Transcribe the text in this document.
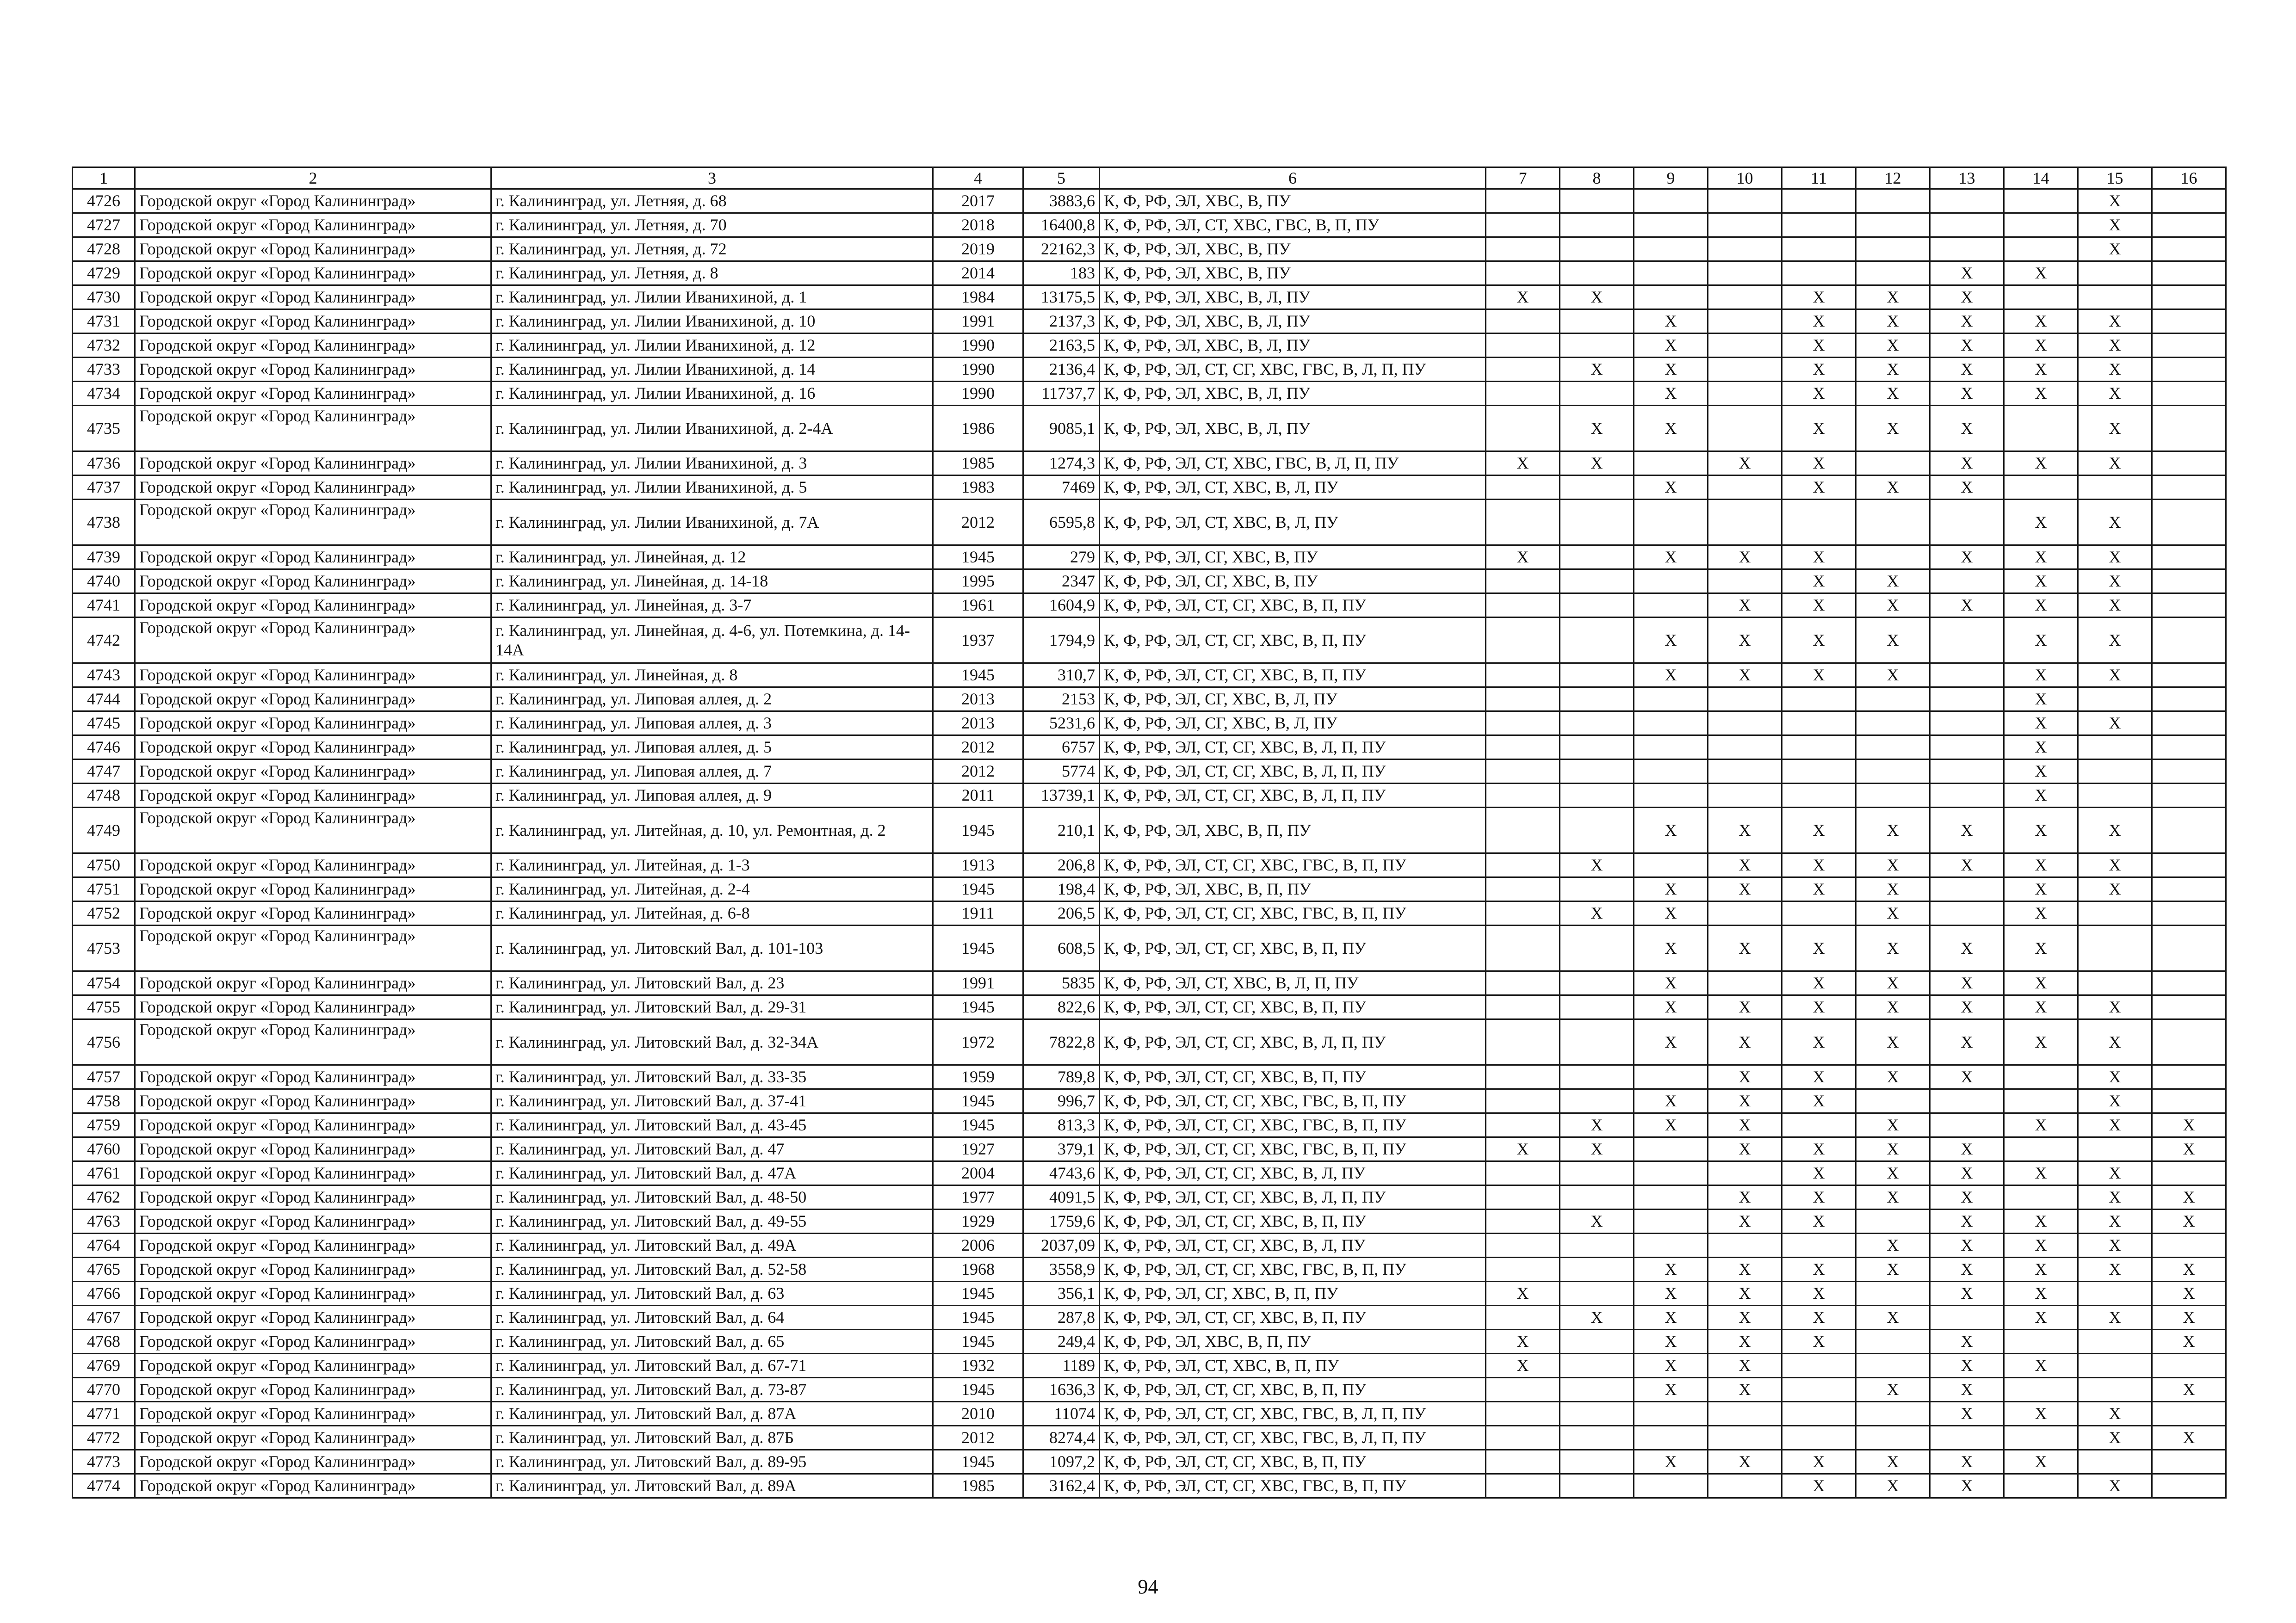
1	2	3	4	5	6	7	8	9	10	11	12	13	14	15	16
4726	Городской округ «Город Калининград»	г. Калининград, ул. Летняя, д. 68	2017	3883,6	К, Ф, РФ, ЭЛ, ХВС, В, ПУ									X	
4727	Городской округ «Город Калининград»	г. Калининград, ул. Летняя, д. 70	2018	16400,8	К, Ф, РФ, ЭЛ, СТ, ХВС, ГВС, В, П, ПУ									X	
4728	Городской округ «Город Калининград»	г. Калининград, ул. Летняя, д. 72	2019	22162,3	К, Ф, РФ, ЭЛ, ХВС, В, ПУ									X	
4729	Городской округ «Город Калининград»	г. Калининград, ул. Летняя, д. 8	2014	183	К, Ф, РФ, ЭЛ, ХВС, В, ПУ							X	X		
4730	Городской округ «Город Калининград»	г. Калининград, ул. Лилии Иванихиной, д. 1	1984	13175,5	К, Ф, РФ, ЭЛ, ХВС, В, Л, ПУ	X	X			X	X	X			
4731	Городской округ «Город Калининград»	г. Калининград, ул. Лилии Иванихиной, д. 10	1991	2137,3	К, Ф, РФ, ЭЛ, ХВС, В, Л, ПУ			X		X	X	X	X	X	
4732	Городской округ «Город Калининград»	г. Калининград, ул. Лилии Иванихиной, д. 12	1990	2163,5	К, Ф, РФ, ЭЛ, ХВС, В, Л, ПУ			X		X	X	X	X	X	
4733	Городской округ «Город Калининград»	г. Калининград, ул. Лилии Иванихиной, д. 14	1990	2136,4	К, Ф, РФ, ЭЛ, СТ, СГ, ХВС, ГВС, В, Л, П, ПУ		X	X		X	X	X	X	X	
4734	Городской округ «Город Калининград»	г. Калининград, ул. Лилии Иванихиной, д. 16	1990	11737,7	К, Ф, РФ, ЭЛ, ХВС, В, Л, ПУ			X		X	X	X	X	X	
4735	Городской округ «Город Калининград»	г. Калининград, ул. Лилии Иванихиной, д. 2-4А	1986	9085,1	К, Ф, РФ, ЭЛ, ХВС, В, Л, ПУ		X	X		X	X	X		X	
4736	Городской округ «Город Калининград»	г. Калининград, ул. Лилии Иванихиной, д. 3	1985	1274,3	К, Ф, РФ, ЭЛ, СТ, ХВС, ГВС, В, Л, П, ПУ	X	X		X	X		X	X	X	
4737	Городской округ «Город Калининград»	г. Калининград, ул. Лилии Иванихиной, д. 5	1983	7469	К, Ф, РФ, ЭЛ, СТ, ХВС, В, Л, ПУ			X		X	X	X			
4738	Городской округ «Город Калининград»	г. Калининград, ул. Лилии Иванихиной, д. 7А	2012	6595,8	К, Ф, РФ, ЭЛ, СТ, ХВС, В, Л, ПУ								X	X	
4739	Городской округ «Город Калининград»	г. Калининград, ул. Линейная, д. 12	1945	279	К, Ф, РФ, ЭЛ, СГ, ХВС, В, ПУ	X		X	X	X		X	X	X	
4740	Городской округ «Город Калининград»	г. Калининград, ул. Линейная, д. 14-18	1995	2347	К, Ф, РФ, ЭЛ, СГ, ХВС, В, ПУ					X	X		X	X	
4741	Городской округ «Город Калининград»	г. Калининград, ул. Линейная, д. 3-7	1961	1604,9	К, Ф, РФ, ЭЛ, СТ, СГ, ХВС, В, П, ПУ				X	X	X	X	X	X	
4742	Городской округ «Город Калининград»	г. Калининград, ул. Линейная, д. 4-6, ул. Потемкина, д. 14-14А	1937	1794,9	К, Ф, РФ, ЭЛ, СТ, СГ, ХВС, В, П, ПУ			X	X	X	X		X	X	
4743	Городской округ «Город Калининград»	г. Калининград, ул. Линейная, д. 8	1945	310,7	К, Ф, РФ, ЭЛ, СТ, СГ, ХВС, В, П, ПУ			X	X	X	X		X	X	
4744	Городской округ «Город Калининград»	г. Калининград, ул. Липовая аллея, д. 2	2013	2153	К, Ф, РФ, ЭЛ, СГ, ХВС, В, Л, ПУ								X		
4745	Городской округ «Город Калининград»	г. Калининград, ул. Липовая аллея, д. 3	2013	5231,6	К, Ф, РФ, ЭЛ, СГ, ХВС, В, Л, ПУ								X	X	
4746	Городской округ «Город Калининград»	г. Калининград, ул. Липовая аллея, д. 5	2012	6757	К, Ф, РФ, ЭЛ, СТ, СГ, ХВС, В, Л, П, ПУ								X		
4747	Городской округ «Город Калининград»	г. Калининград, ул. Липовая аллея, д. 7	2012	5774	К, Ф, РФ, ЭЛ, СТ, СГ, ХВС, В, Л, П, ПУ								X		
4748	Городской округ «Город Калининград»	г. Калининград, ул. Липовая аллея, д. 9	2011	13739,1	К, Ф, РФ, ЭЛ, СТ, СГ, ХВС, В, Л, П, ПУ								X		
4749	Городской округ «Город Калининград»	г. Калининград, ул. Литейная, д. 10, ул. Ремонтная, д. 2	1945	210,1	К, Ф, РФ, ЭЛ, ХВС, В, П, ПУ			X	X	X	X	X	X	X	
4750	Городской округ «Город Калининград»	г. Калининград, ул. Литейная, д. 1-3	1913	206,8	К, Ф, РФ, ЭЛ, СТ, СГ, ХВС, ГВС, В, П, ПУ		X		X	X	X	X	X	X	
4751	Городской округ «Город Калининград»	г. Калининград, ул. Литейная, д. 2-4	1945	198,4	К, Ф, РФ, ЭЛ, ХВС, В, П, ПУ			X	X	X	X		X	X	
4752	Городской округ «Город Калининград»	г. Калининград, ул. Литейная, д. 6-8	1911	206,5	К, Ф, РФ, ЭЛ, СТ, СГ, ХВС, ГВС, В, П, ПУ		X	X			X		X		
4753	Городской округ «Город Калининград»	г. Калининград, ул. Литовский Вал, д. 101-103	1945	608,5	К, Ф, РФ, ЭЛ, СТ, СГ, ХВС, В, П, ПУ			X	X	X	X	X	X		
4754	Городской округ «Город Калининград»	г. Калининград, ул. Литовский Вал, д. 23	1991	5835	К, Ф, РФ, ЭЛ, СТ, ХВС, В, Л, П, ПУ			X		X	X	X	X		
4755	Городской округ «Город Калининград»	г. Калининград, ул. Литовский Вал, д. 29-31	1945	822,6	К, Ф, РФ, ЭЛ, СТ, СГ, ХВС, В, П, ПУ			X	X	X	X	X	X	X	
4756	Городской округ «Город Калининград»	г. Калининград, ул. Литовский Вал, д. 32-34А	1972	7822,8	К, Ф, РФ, ЭЛ, СТ, СГ, ХВС, В, Л, П, ПУ			X	X	X	X	X	X	X	
4757	Городской округ «Город Калининград»	г. Калининград, ул. Литовский Вал, д. 33-35	1959	789,8	К, Ф, РФ, ЭЛ, СТ, СГ, ХВС, В, П, ПУ				X	X	X	X		X	
4758	Городской округ «Город Калининград»	г. Калининград, ул. Литовский Вал, д. 37-41	1945	996,7	К, Ф, РФ, ЭЛ, СТ, СГ, ХВС, ГВС, В, П, ПУ			X	X	X				X	
4759	Городской округ «Город Калининград»	г. Калининград, ул. Литовский Вал, д. 43-45	1945	813,3	К, Ф, РФ, ЭЛ, СТ, СГ, ХВС, ГВС, В, П, ПУ		X	X	X		X		X	X	X
4760	Городской округ «Город Калининград»	г. Калининград, ул. Литовский Вал, д. 47	1927	379,1	К, Ф, РФ, ЭЛ, СТ, СГ, ХВС, ГВС, В, П, ПУ	X	X		X	X	X	X			X
4761	Городской округ «Город Калининград»	г. Калининград, ул. Литовский Вал, д. 47А	2004	4743,6	К, Ф, РФ, ЭЛ, СТ, СГ, ХВС, В, Л, ПУ					X	X	X	X	X	
4762	Городской округ «Город Калининград»	г. Калининград, ул. Литовский Вал, д. 48-50	1977	4091,5	К, Ф, РФ, ЭЛ, СТ, СГ, ХВС, В, Л, П, ПУ				X	X	X	X		X	X
4763	Городской округ «Город Калининград»	г. Калининград, ул. Литовский Вал, д. 49-55	1929	1759,6	К, Ф, РФ, ЭЛ, СТ, СГ, ХВС, В, П, ПУ		X		X	X		X	X	X	X
4764	Городской округ «Город Калининград»	г. Калининград, ул. Литовский Вал, д. 49А	2006	2037,09	К, Ф, РФ, ЭЛ, СТ, СГ, ХВС, В, Л, ПУ						X	X	X	X	
4765	Городской округ «Город Калининград»	г. Калининград, ул. Литовский Вал, д. 52-58	1968	3558,9	К, Ф, РФ, ЭЛ, СТ, СГ, ХВС, ГВС, В, П, ПУ			X	X	X	X	X	X	X	X
4766	Городской округ «Город Калининград»	г. Калининград, ул. Литовский Вал, д. 63	1945	356,1	К, Ф, РФ, ЭЛ, СГ, ХВС, В, П, ПУ	X		X	X	X		X	X		X
4767	Городской округ «Город Калининград»	г. Калининград, ул. Литовский Вал, д. 64	1945	287,8	К, Ф, РФ, ЭЛ, СТ, СГ, ХВС, В, П, ПУ		X	X	X	X	X		X	X	X
4768	Городской округ «Город Калининград»	г. Калининград, ул. Литовский Вал, д. 65	1945	249,4	К, Ф, РФ, ЭЛ, ХВС, В, П, ПУ	X		X	X	X		X			X
4769	Городской округ «Город Калининград»	г. Калининград, ул. Литовский Вал, д. 67-71	1932	1189	К, Ф, РФ, ЭЛ, СТ, ХВС, В, П, ПУ	X		X	X			X	X		
4770	Городской округ «Город Калининград»	г. Калининград, ул. Литовский Вал, д. 73-87	1945	1636,3	К, Ф, РФ, ЭЛ, СТ, СГ, ХВС, В, П, ПУ			X	X		X	X			X
4771	Городской округ «Город Калининград»	г. Калининград, ул. Литовский Вал, д. 87А	2010	11074	К, Ф, РФ, ЭЛ, СТ, СГ, ХВС, ГВС, В, Л, П, ПУ							X	X	X	
4772	Городской округ «Город Калининград»	г. Калининград, ул. Литовский Вал, д. 87Б	2012	8274,4	К, Ф, РФ, ЭЛ, СТ, СГ, ХВС, ГВС, В, Л, П, ПУ									X	X
4773	Городской округ «Город Калининград»	г. Калининград, ул. Литовский Вал, д. 89-95	1945	1097,2	К, Ф, РФ, ЭЛ, СТ, СГ, ХВС, В, П, ПУ			X	X	X	X	X	X		
4774	Городской округ «Город Калининград»	г. Калининград, ул. Литовский Вал, д. 89А	1985	3162,4	К, Ф, РФ, ЭЛ, СТ, СГ, ХВС, ГВС, В, П, ПУ					X	X	X		X	
94
